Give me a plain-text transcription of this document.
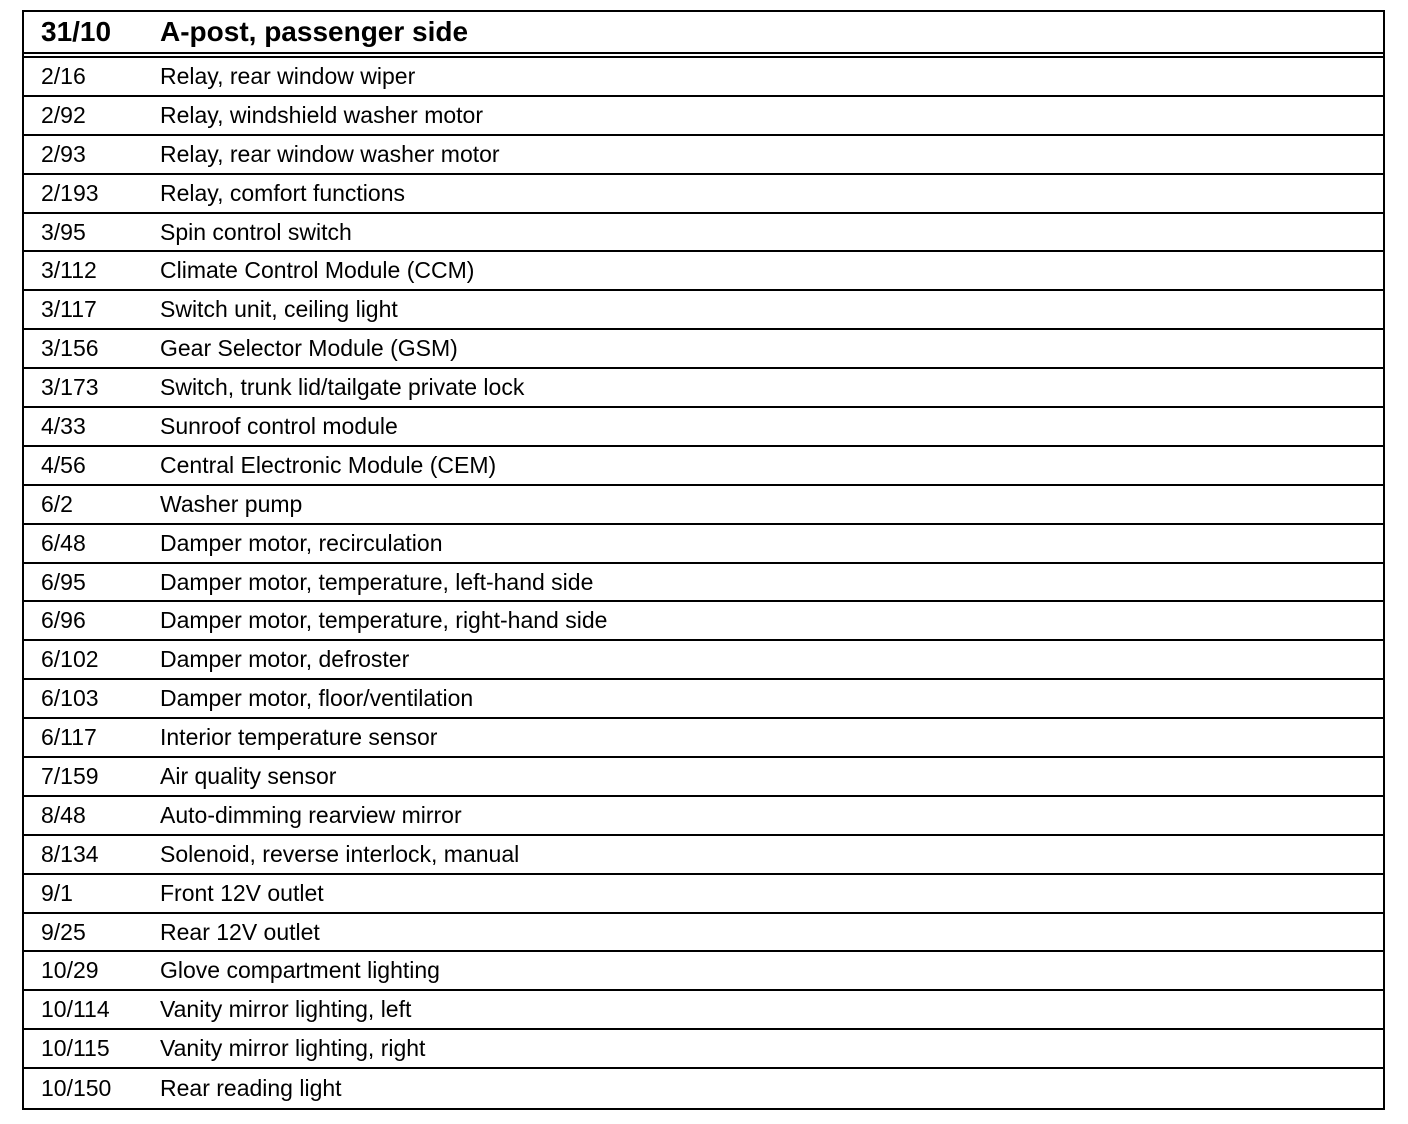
31/10	A-post, passenger side
2/16	Relay, rear window wiper
2/92	Relay, windshield washer motor
2/93	Relay, rear window washer motor
2/193	Relay, comfort functions
3/95	Spin control switch
3/112	Climate Control Module (CCM)
3/117	Switch unit, ceiling light
3/156	Gear Selector Module (GSM)
3/173	Switch, trunk lid/tailgate private lock
4/33	Sunroof control module
4/56	Central Electronic Module (CEM)
6/2	Washer pump
6/48	Damper motor, recirculation
6/95	Damper motor, temperature, left-hand side
6/96	Damper motor, temperature, right-hand side
6/102	Damper motor, defroster
6/103	Damper motor, floor/ventilation
6/117	Interior temperature sensor
7/159	Air quality sensor
8/48	Auto-dimming rearview mirror
8/134	Solenoid, reverse interlock, manual
9/1	Front 12V outlet
9/25	Rear 12V outlet
10/29	Glove compartment lighting
10/114	Vanity mirror lighting, left
10/115	Vanity mirror lighting, right
10/150	Rear reading light
